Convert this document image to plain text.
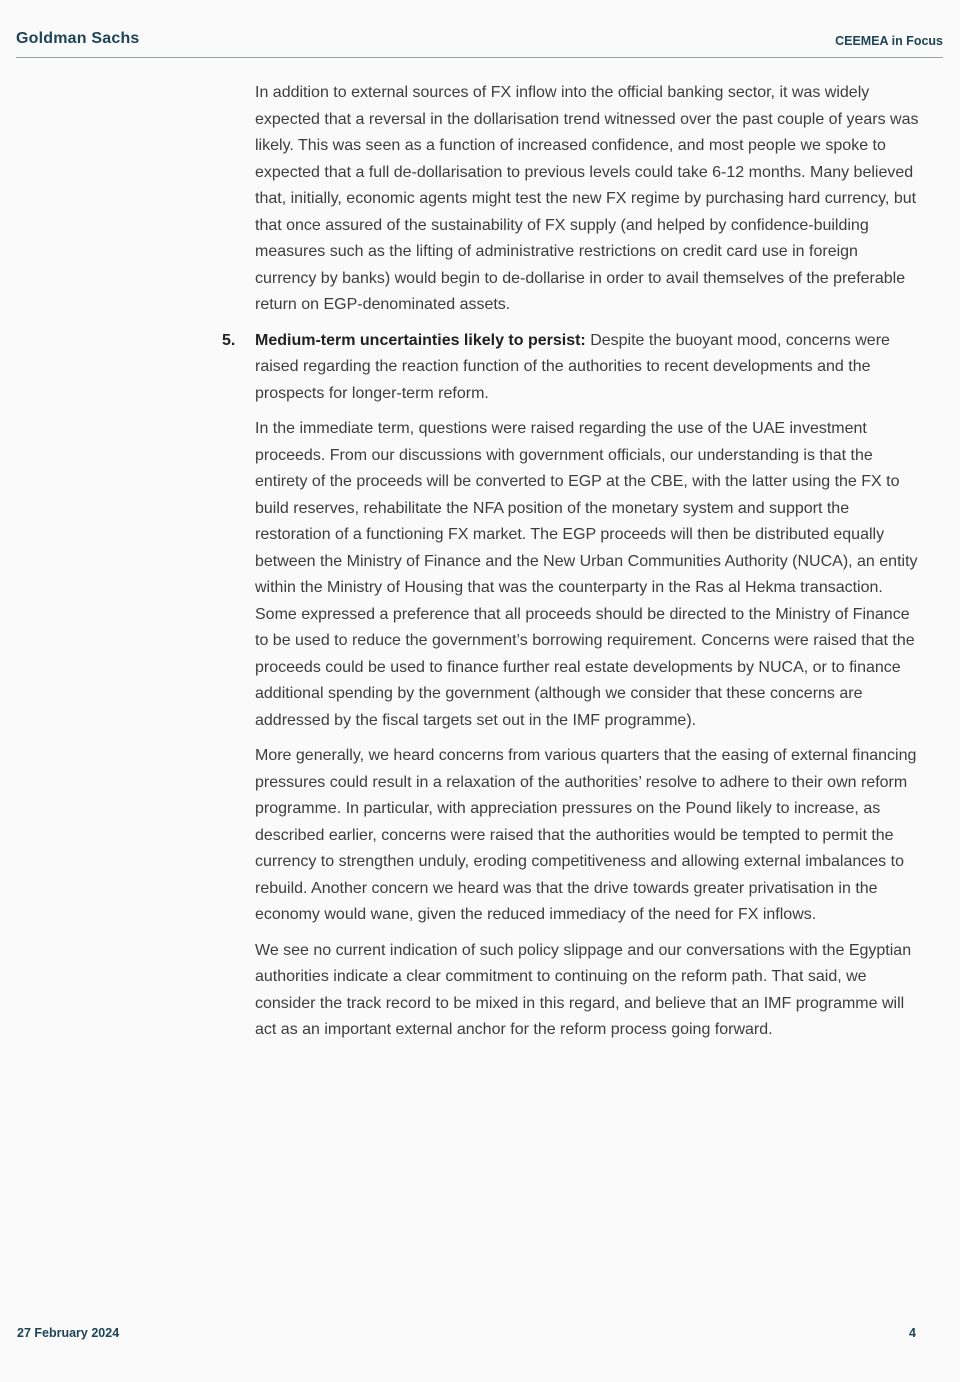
Goldman Sachs	CEEMEA in Focus

In addition to external sources of FX inflow into the official banking sector, it was widely expected that a reversal in the dollarisation trend witnessed over the past couple of years was likely. This was seen as a function of increased confidence, and most people we spoke to expected that a full de-dollarisation to previous levels could take 6-12 months. Many believed that, initially, economic agents might test the new FX regime by purchasing hard currency, but that once assured of the sustainability of FX supply (and helped by confidence-building measures such as the lifting of administrative restrictions on credit card use in foreign currency by banks) would begin to de-dollarise in order to avail themselves of the preferable return on EGP-denominated assets.

5.	Medium-term uncertainties likely to persist: Despite the buoyant mood, concerns were raised regarding the reaction function of the authorities to recent developments and the prospects for longer-term reform.

In the immediate term, questions were raised regarding the use of the UAE investment proceeds. From our discussions with government officials, our understanding is that the entirety of the proceeds will be converted to EGP at the CBE, with the latter using the FX to build reserves, rehabilitate the NFA position of the monetary system and support the restoration of a functioning FX market. The EGP proceeds will then be distributed equally between the Ministry of Finance and the New Urban Communities Authority (NUCA), an entity within the Ministry of Housing that was the counterparty in the Ras al Hekma transaction. Some expressed a preference that all proceeds should be directed to the Ministry of Finance to be used to reduce the government’s borrowing requirement. Concerns were raised that the proceeds could be used to finance further real estate developments by NUCA, or to finance additional spending by the government (although we consider that these concerns are addressed by the fiscal targets set out in the IMF programme).

More generally, we heard concerns from various quarters that the easing of external financing pressures could result in a relaxation of the authorities’ resolve to adhere to their own reform programme. In particular, with appreciation pressures on the Pound likely to increase, as described earlier, concerns were raised that the authorities would be tempted to permit the currency to strengthen unduly, eroding competitiveness and allowing external imbalances to rebuild. Another concern we heard was that the drive towards greater privatisation in the economy would wane, given the reduced immediacy of the need for FX inflows.

We see no current indication of such policy slippage and our conversations with the Egyptian authorities indicate a clear commitment to continuing on the reform path. That said, we consider the track record to be mixed in this regard, and believe that an IMF programme will act as an important external anchor for the reform process going forward.

27 February 2024	4
